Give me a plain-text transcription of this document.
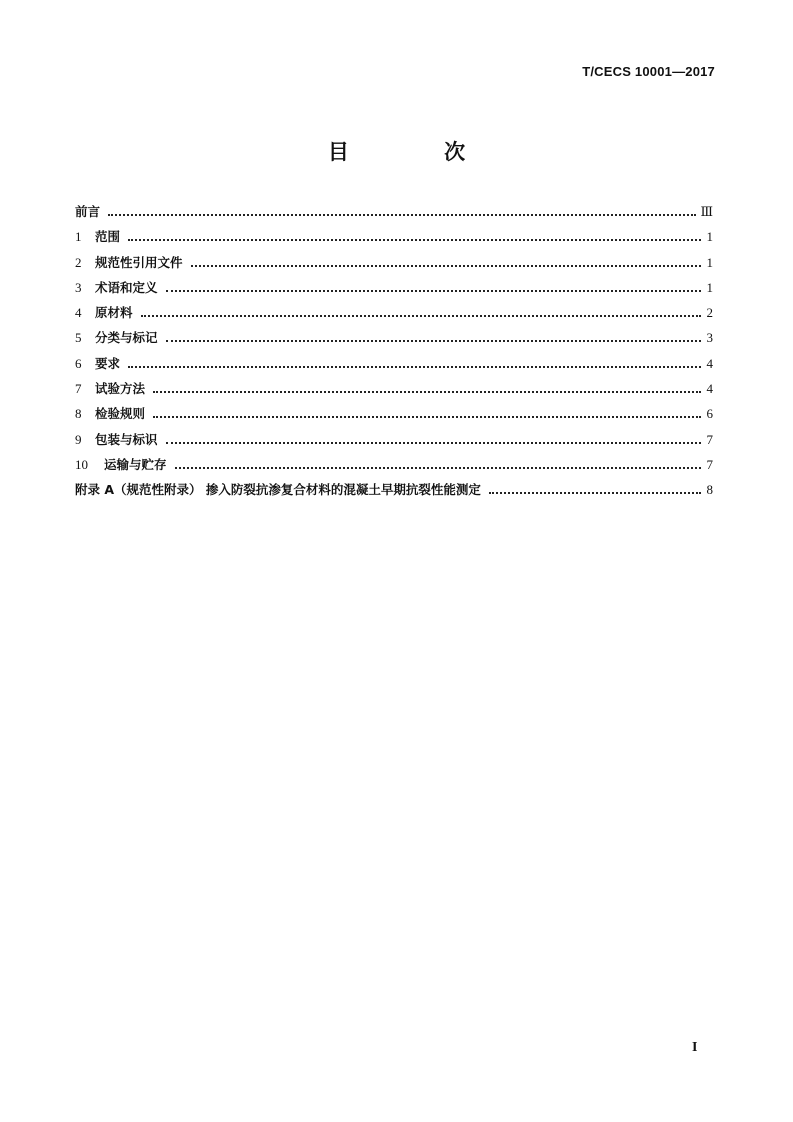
T/CECS 10001—2017
目 次
前言	Ⅲ
1	范围	1
2	规范性引用文件	1
3	术语和定义	1
4	原材料	2
5	分类与标记	3
6	要求	4
7	试验方法	4
8	检验规则	6
9	包装与标识	7
10	运输与贮存	7
附录 A（规范性附录） 掺入防裂抗渗复合材料的混凝土早期抗裂性能测定	8
I
